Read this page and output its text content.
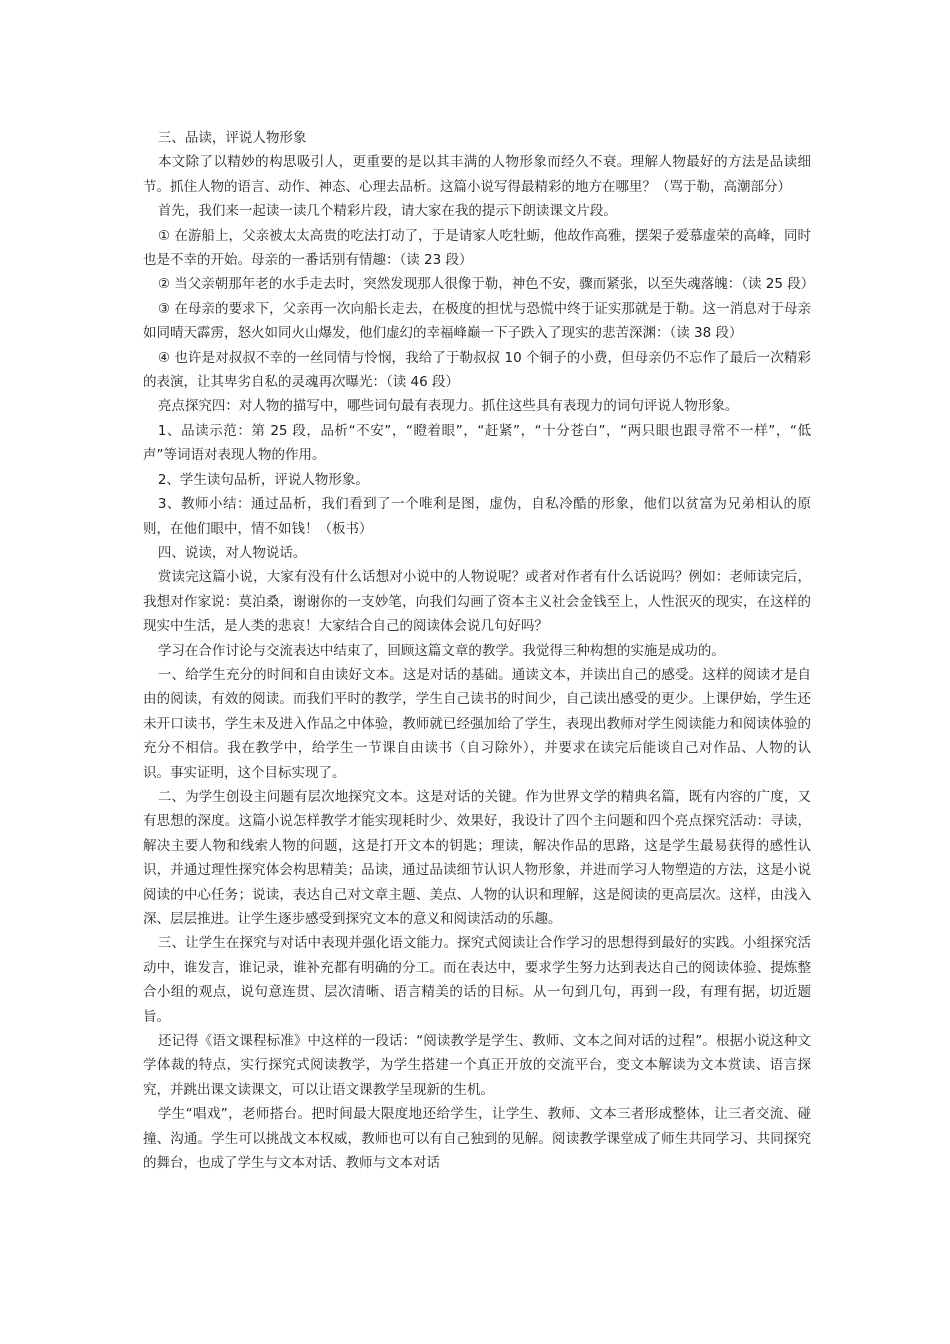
三、品读，评说人物形象

本文除了以精妙的构思吸引人，更重要的是以其丰满的人物形象而经久不衰。理解人物最好的方法是品读细节。抓住人物的语言、动作、神态、心理去品析。这篇小说写得最精彩的地方在哪里？（骂于勒，高潮部分）

首先，我们来一起读一读几个精彩片段，请大家在我的提示下朗读课文片段。

① 在游船上，父亲被太太高贵的吃法打动了，于是请家人吃牡蛎，他故作高雅，摆架子爱慕虚荣的高峰，同时也是不幸的开始。母亲的一番话别有情趣：（读 23 段）

② 当父亲朝那年老的水手走去时，突然发现那人很像于勒，神色不安，骤而紧张，以至失魂落魄：（读 25 段）

③ 在母亲的要求下，父亲再一次向船长走去，在极度的担忧与恐慌中终于证实那就是于勒。这一消息对于母亲如同晴天霹雳，怒火如同火山爆发，他们虚幻的幸福峰巅一下子跌入了现实的悲苦深渊：（读 38 段）

④ 也许是对叔叔不幸的一丝同情与怜悯，我给了于勒叔叔 10 个铜子的小费，但母亲仍不忘作了最后一次精彩的表演，让其卑劣自私的灵魂再次曝光：（读 46 段）

亮点探究四：对人物的描写中，哪些词句最有表现力。抓住这些具有表现力的词句评说人物形象。

1、品读示范：第 25 段，品析“不安”，“瞪着眼”，“赶紧”，“十分苍白”，“两只眼也跟寻常不一样”，“低声”等词语对表现人物的作用。

2、学生读句品析，评说人物形象。

3、教师小结：通过品析，我们看到了一个唯利是图，虚伪，自私冷酷的形象，他们以贫富为兄弟相认的原则，在他们眼中，情不如钱！（板书）

四、说读，对人物说话。

赏读完这篇小说，大家有没有什么话想对小说中的人物说呢？或者对作者有什么话说吗？例如：老师读完后，我想对作家说：莫泊桑，谢谢你的一支妙笔，向我们勾画了资本主义社会金钱至上，人性泯灭的现实，在这样的现实中生活，是人类的悲哀！大家结合自己的阅读体会说几句好吗？

学习在合作讨论与交流表达中结束了，回顾这篇文章的教学。我觉得三种构想的实施是成功的。

一、给学生充分的时间和自由读好文本。这是对话的基础。通读文本，并读出自己的感受。这样的阅读才是自由的阅读，有效的阅读。而我们平时的教学，学生自己读书的时间少，自己读出感受的更少。上课伊始，学生还未开口读书，学生未及进入作品之中体验，教师就已经强加给了学生，表现出教师对学生阅读能力和阅读体验的充分不相信。我在教学中，给学生一节课自由读书（自习除外），并要求在读完后能谈自己对作品、人物的认识。事实证明，这个目标实现了。

二、为学生创设主问题有层次地探究文本。这是对话的关键。作为世界文学的精典名篇，既有内容的广度，又有思想的深度。这篇小说怎样教学才能实现耗时少、效果好，我设计了四个主问题和四个亮点探究活动：寻读，解决主要人物和线索人物的问题，这是打开文本的钥匙；理读，解决作品的思路，这是学生最易获得的感性认识，并通过理性探究体会构思精美；品读，通过品读细节认识人物形象，并进而学习人物塑造的方法，这是小说阅读的中心任务；说读，表达自己对文章主题、美点、人物的认识和理解，这是阅读的更高层次。这样，由浅入深、层层推进。让学生逐步感受到探究文本的意义和阅读活动的乐趣。

三、让学生在探究与对话中表现并强化语文能力。探究式阅读让合作学习的思想得到最好的实践。小组探究活动中，谁发言，谁记录，谁补充都有明确的分工。而在表达中，要求学生努力达到表达自己的阅读体验、提炼整合小组的观点，说句意连贯、层次清晰、语言精美的话的目标。从一句到几句，再到一段，有理有据，切近题旨。

还记得《语文课程标准》中这样的一段话：“阅读教学是学生、教师、文本之间对话的过程”。根据小说这种文学体裁的特点，实行探究式阅读教学，为学生搭建一个真正开放的交流平台，变文本解读为文本赏读、语言探究，并跳出课文读课文，可以让语文课教学呈现新的生机。

学生“唱戏”，老师搭台。把时间最大限度地还给学生，让学生、教师、文本三者形成整体，让三者交流、碰撞、沟通。学生可以挑战文本权威，教师也可以有自己独到的见解。阅读教学课堂成了师生共同学习、共同探究的舞台，也成了学生与文本对话、教师与文本对话
